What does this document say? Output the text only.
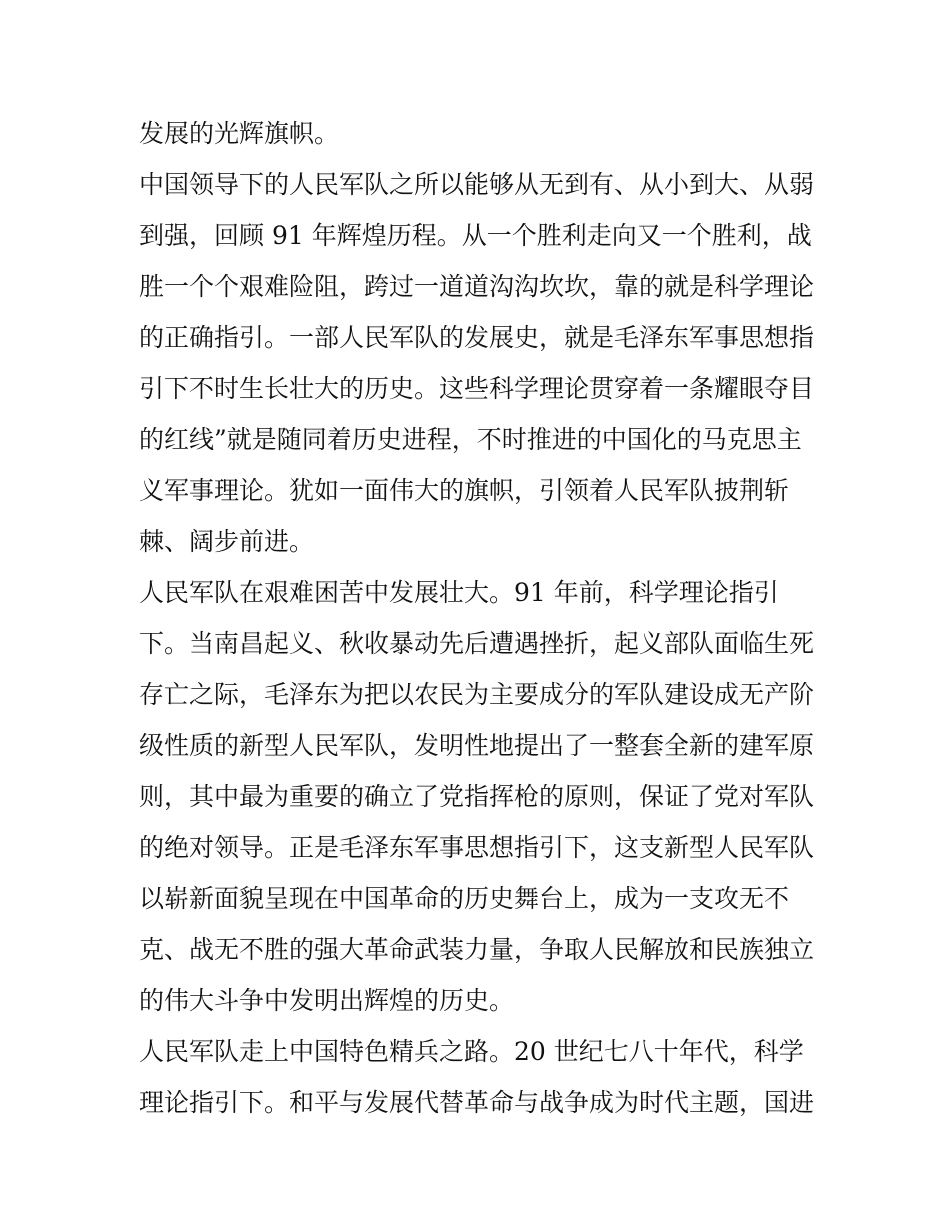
发展的光辉旗帜。
中国领导下的人民军队之所以能够从无到有、从小到大、从弱
到强，回顾 91 年辉煌历程。从一个胜利走向又一个胜利，战
胜一个个艰难险阻，跨过一道道沟沟坎坎，靠的就是科学理论
的正确指引。一部人民军队的发展史，就是毛泽东军事思想指
引下不时生长壮大的历史。这些科学理论贯穿着一条耀眼夺目
的红线”就是随同着历史进程，不时推进的中国化的马克思主
义军事理论。犹如一面伟大的旗帜，引领着人民军队披荆斩
棘、阔步前进。
人民军队在艰难困苦中发展壮大。91 年前，科学理论指引
下。当南昌起义、秋收暴动先后遭遇挫折，起义部队面临生死
存亡之际，毛泽东为把以农民为主要成分的军队建设成无产阶
级性质的新型人民军队，发明性地提出了一整套全新的建军原
则，其中最为重要的确立了党指挥枪的原则，保证了党对军队
的绝对领导。正是毛泽东军事思想指引下，这支新型人民军队
以崭新面貌呈现在中国革命的历史舞台上，成为一支攻无不
克、战无不胜的强大革命武装力量，争取人民解放和民族独立
的伟大斗争中发明出辉煌的历史。
人民军队走上中国特色精兵之路。20 世纪七八十年代，科学
理论指引下。和平与发展代替革命与战争成为时代主题，国进
